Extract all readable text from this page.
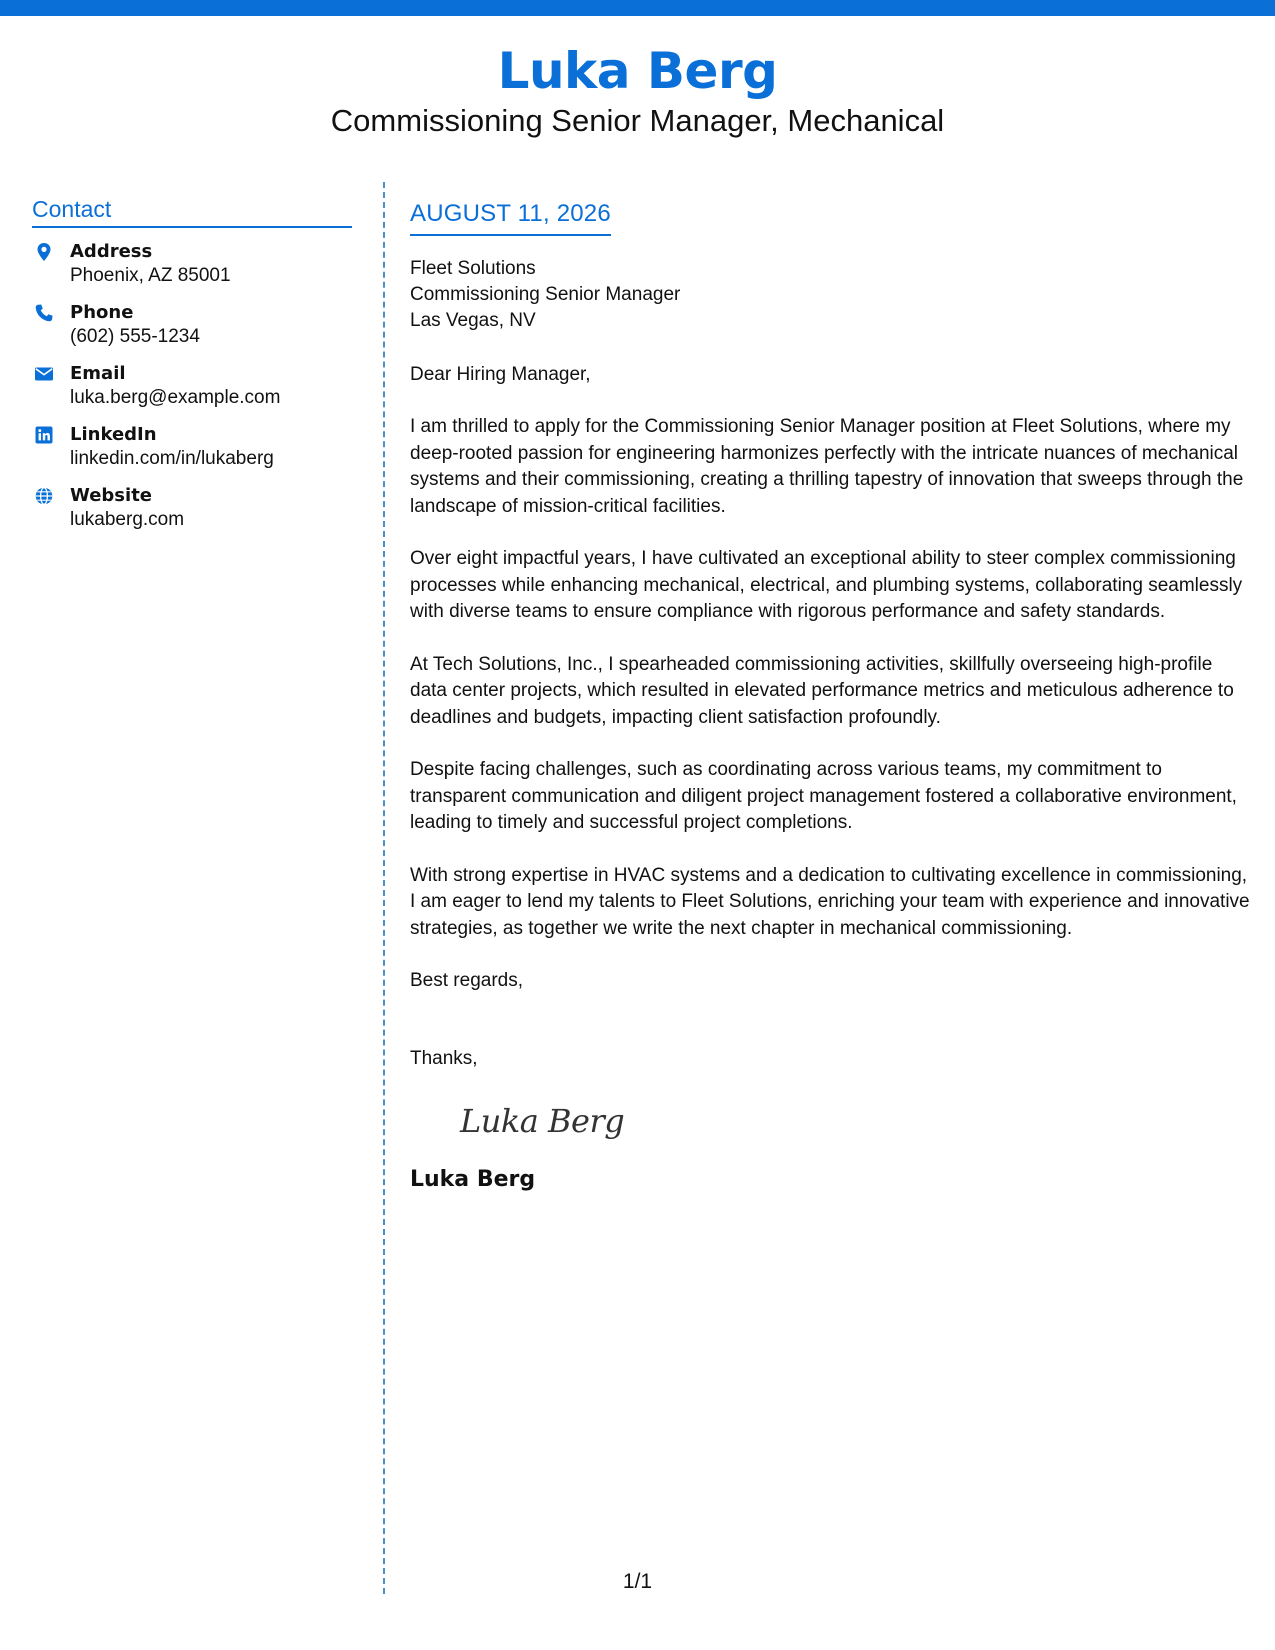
Luka Berg
Commissioning Senior Manager, Mechanical
Contact
Address
Phoenix, AZ 85001
Phone
(602) 555-1234
Email
luka.berg@example.com
LinkedIn
linkedin.com/in/lukaberg
Website
lukaberg.com
AUGUST 11, 2026
Fleet Solutions
Commissioning Senior Manager
Las Vegas, NV
Dear Hiring Manager,
I am thrilled to apply for the Commissioning Senior Manager position at Fleet Solutions, where my deep-rooted passion for engineering harmonizes perfectly with the intricate nuances of mechanical systems and their commissioning, creating a thrilling tapestry of innovation that sweeps through the landscape of mission-critical facilities.
Over eight impactful years, I have cultivated an exceptional ability to steer complex commissioning processes while enhancing mechanical, electrical, and plumbing systems, collaborating seamlessly with diverse teams to ensure compliance with rigorous performance and safety standards.
At Tech Solutions, Inc., I spearheaded commissioning activities, skillfully overseeing high-profile data center projects, which resulted in elevated performance metrics and meticulous adherence to deadlines and budgets, impacting client satisfaction profoundly.
Despite facing challenges, such as coordinating across various teams, my commitment to transparent communication and diligent project management fostered a collaborative environment, leading to timely and successful project completions.
With strong expertise in HVAC systems and a dedication to cultivating excellence in commissioning, I am eager to lend my talents to Fleet Solutions, enriching your team with experience and innovative strategies, as together we write the next chapter in mechanical commissioning.
Best regards,
Thanks,
Luka Berg
Luka Berg
1/1
